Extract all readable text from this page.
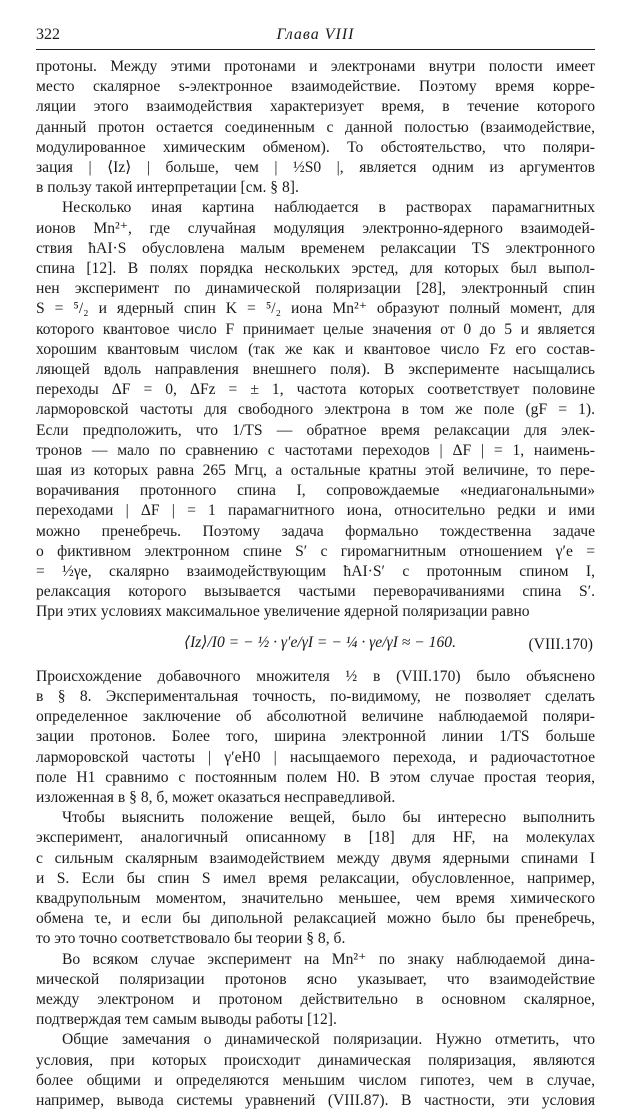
322	Глава VIII
протоны. Между этими протонами и электронами внутри полости имеет
место скалярное s-электронное взаимодействие. Поэтому время корре-
ляции этого взаимодействия характеризует время, в течение которого
данный протон остается соединенным с данной полостью (взаимодействие,
модулированное химическим обменом). То обстоятельство, что поляри-
зация | ⟨Iz⟩ | больше, чем | ½S0 |, является одним из аргументов
в пользу такой интерпретации [см. § 8].
Несколько иная картина наблюдается в растворах парамагнитных
ионов Mn²⁺, где случайная модуляция электронно-ядерного взаимодей-
ствия ħAI·S обусловлена малым временем релаксации TS электронного
спина [12]. В полях порядка нескольких эрстед, для которых был выпол-
нен эксперимент по динамической поляризации [28], электронный спин
S = ⁵/₂ и ядерный спин K = ⁵/₂ иона Mn²⁺ образуют полный момент, для
которого квантовое число F принимает целые значения от 0 до 5 и является
хорошим квантовым числом (так же как и квантовое число Fz его состав-
ляющей вдоль направления внешнего поля). В эксперименте насыщались
переходы ΔF = 0, ΔFz = ± 1, частота которых соответствует половине
ларморовской частоты для свободного электрона в том же поле (gF = 1).
Если предположить, что 1/TS — обратное время релаксации для элек-
тронов — мало по сравнению с частотами переходов | ΔF | = 1, наимень-
шая из которых равна 265 Мгц, а остальные кратны этой величине, то пере-
ворачивания протонного спина I, сопровождаемые «недиагональными»
переходами | ΔF | = 1 парамагнитного иона, относительно редки и ими
можно пренебречь. Поэтому задача формально тождественна задаче
о фиктивном электронном спине S′ с гиромагнитным отношением γ′e =
= ½γe, скалярно взаимодействующим ħAI·S′ с протонным спином I,
релаксация которого вызывается частыми переворачиваниями спина S′.
При этих условиях максимальное увеличение ядерной поляризации равно
⟨Iz⟩/I0 = − ½ · γ′e/γI = − ¼ · γe/γI ≈ − 160.	(VIII.170)
Происхождение добавочного множителя ½ в (VIII.170) было объяснено
в § 8. Экспериментальная точность, по-видимому, не позволяет сделать
определенное заключение об абсолютной величине наблюдаемой поляри-
зации протонов. Более того, ширина электронной линии 1/TS больше
ларморовской частоты | γ′eH0 | насыщаемого перехода, и радиочастотное
поле H1 сравнимо с постоянным полем H0. В этом случае простая теория,
изложенная в § 8, б, может оказаться несправедливой.
Чтобы выяснить положение вещей, было бы интересно выполнить
эксперимент, аналогичный описанному в [18] для HF, на молекулах
с сильным скалярным взаимодействием между двумя ядерными спинами I
и S. Если бы спин S имел время релаксации, обусловленное, например,
квадрупольным моментом, значительно меньшее, чем время химического
обмена τe, и если бы дипольной релаксацией можно было бы пренебречь,
то это точно соответствовало бы теории § 8, б.
Во всяком случае эксперимент на Mn²⁺ по знаку наблюдаемой дина-
мической поляризации протонов ясно указывает, что взаимодействие
между электроном и протоном действительно в основном скалярное,
подтверждая тем самым выводы работы [12].
Общие замечания о динамической поляризации. Нужно отметить, что
условия, при которых происходит динамическая поляризация, являются
более общими и определяются меньшим числом гипотез, чем в случае,
например, вывода системы уравнений (VIII.87). В частности, эти условия
